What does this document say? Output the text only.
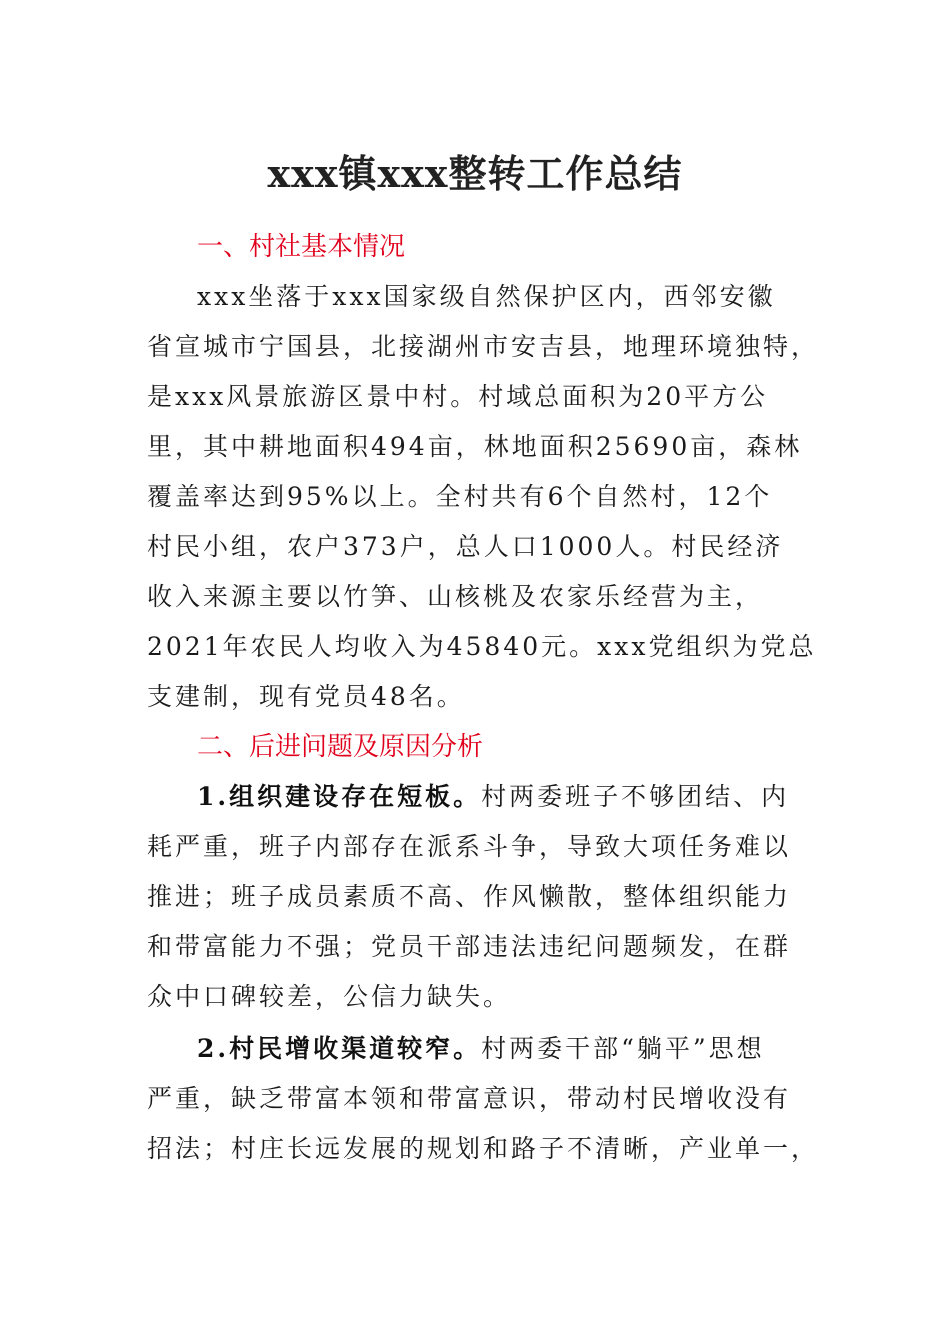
xxx镇xxx整转工作总结
一、村社基本情况
xxx坐落于xxx国家级自然保护区内，西邻安徽
省宣城市宁国县，北接湖州市安吉县，地理环境独特，
是xxx风景旅游区景中村。村域总面积为20平方公
里，其中耕地面积494亩，林地面积25690亩，森林
覆盖率达到95%以上。全村共有6个自然村，12个
村民小组，农户373户，总人口1000人。村民经济
收入来源主要以竹笋、山核桃及农家乐经营为主，
2021年农民人均收入为45840元。xxx党组织为党总
支建制，现有党员48名。
二、后进问题及原因分析
1.组织建设存在短板。村两委班子不够团结、内
耗严重，班子内部存在派系斗争，导致大项任务难以
推进；班子成员素质不高、作风懒散，整体组织能力
和带富能力不强；党员干部违法违纪问题频发，在群
众中口碑较差，公信力缺失。
2.村民增收渠道较窄。村两委干部“躺平”思想
严重，缺乏带富本领和带富意识，带动村民增收没有
招法；村庄长远发展的规划和路子不清晰，产业单一，
